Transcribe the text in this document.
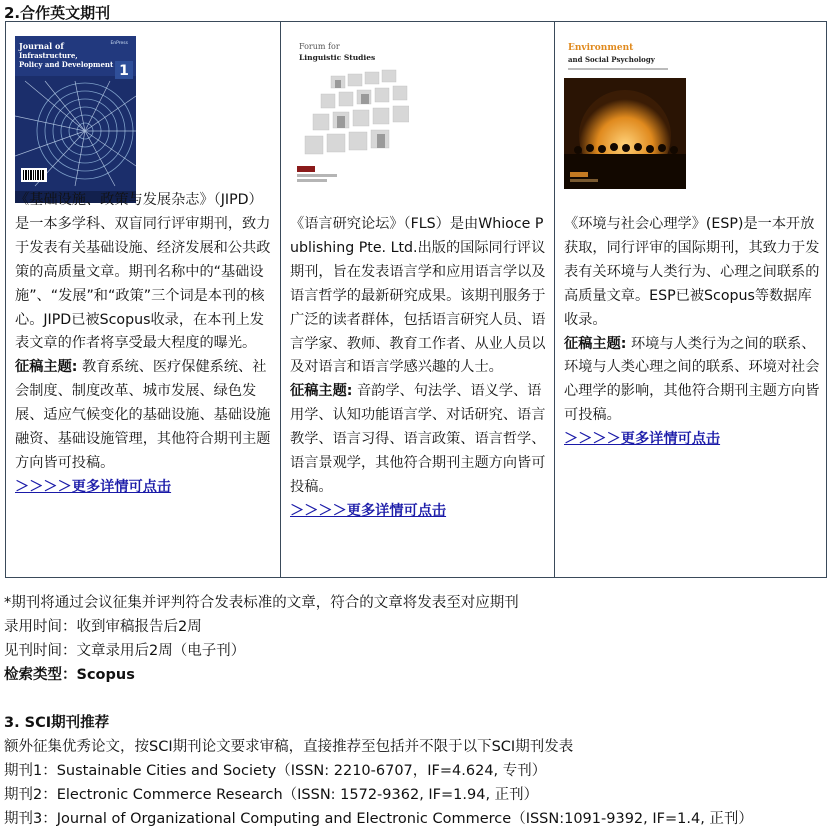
2.合作英文期刊
EnPress
Journal of
Infrastructure,
Policy and Development 1

《基础设施、政策与发展杂志》（JIPD）是一本多学科、双盲同行评审期刊，致力于发表有关基础设施、经济发展和公共政策的高质量文章。期刊名称中的“基础设施”、“发展”和“政策”三个词是本刊的核心。JIPD已被Scopus收录，在本刊上发表文章的作者将享受最大程度的曝光。

征稿主题: 教育系统、医疗保健系统、社会制度、制度改革、城市发展、绿色发展、适应气候变化的基础设施、基础设施融资、基础设施管理，其他符合期刊主题方向皆可投稿。

＞＞＞＞更多详情可点击

Forum for
Linguistic Studies

《语言研究论坛》（FLS）是由Whioce Publishing Pte. Ltd.出版的国际同行评议期刊，旨在发表语言学和应用语言学以及语言哲学的最新研究成果。该期刊服务于广泛的读者群体，包括语言研究人员、语言学家、教师、教育工作者、从业人员以及对语言和语言学感兴趣的人士。

征稿主题: 音韵学、句法学、语义学、语用学、认知功能语言学、对话研究、语言教学、语言习得、语言政策、语言哲学、语言景观学，其他符合期刊主题方向皆可投稿。

＞＞＞＞更多详情可点击

Environment
and Social Psychology

《环境与社会心理学》(ESP)是一本开放获取，同行评审的国际期刊，其致力于发表有关环境与人类行为、心理之间联系的高质量文章。ESP已被Scopus等数据库收录。

征稿主题: 环境与人类行为之间的联系、环境与人类心理之间的联系、环境对社会心理学的影响，其他符合期刊主题方向皆可投稿。

＞＞＞＞更多详情可点击

*期刊将通过会议征集并评判符合发表标准的文章，符合的文章将发表至对应期刊
录用时间：收到审稿报告后2周
见刊时间：文章录用后2周（电子刊）
检索类型：Scopus
3. SCI期刊推荐
额外征集优秀论文，按SCI期刊论文要求审稿，直接推荐至包括并不限于以下SCI期刊发表
期刊1：Sustainable Cities and Society（ISSN: 2210-6707，IF=4.624, 专刊）
期刊2：Electronic Commerce Research（ISSN: 1572-9362, IF=1.94, 正刊）
期刊3：Journal of Organizational Computing and Electronic Commerce（ISSN:1091-9392, IF=1.4, 正刊）
